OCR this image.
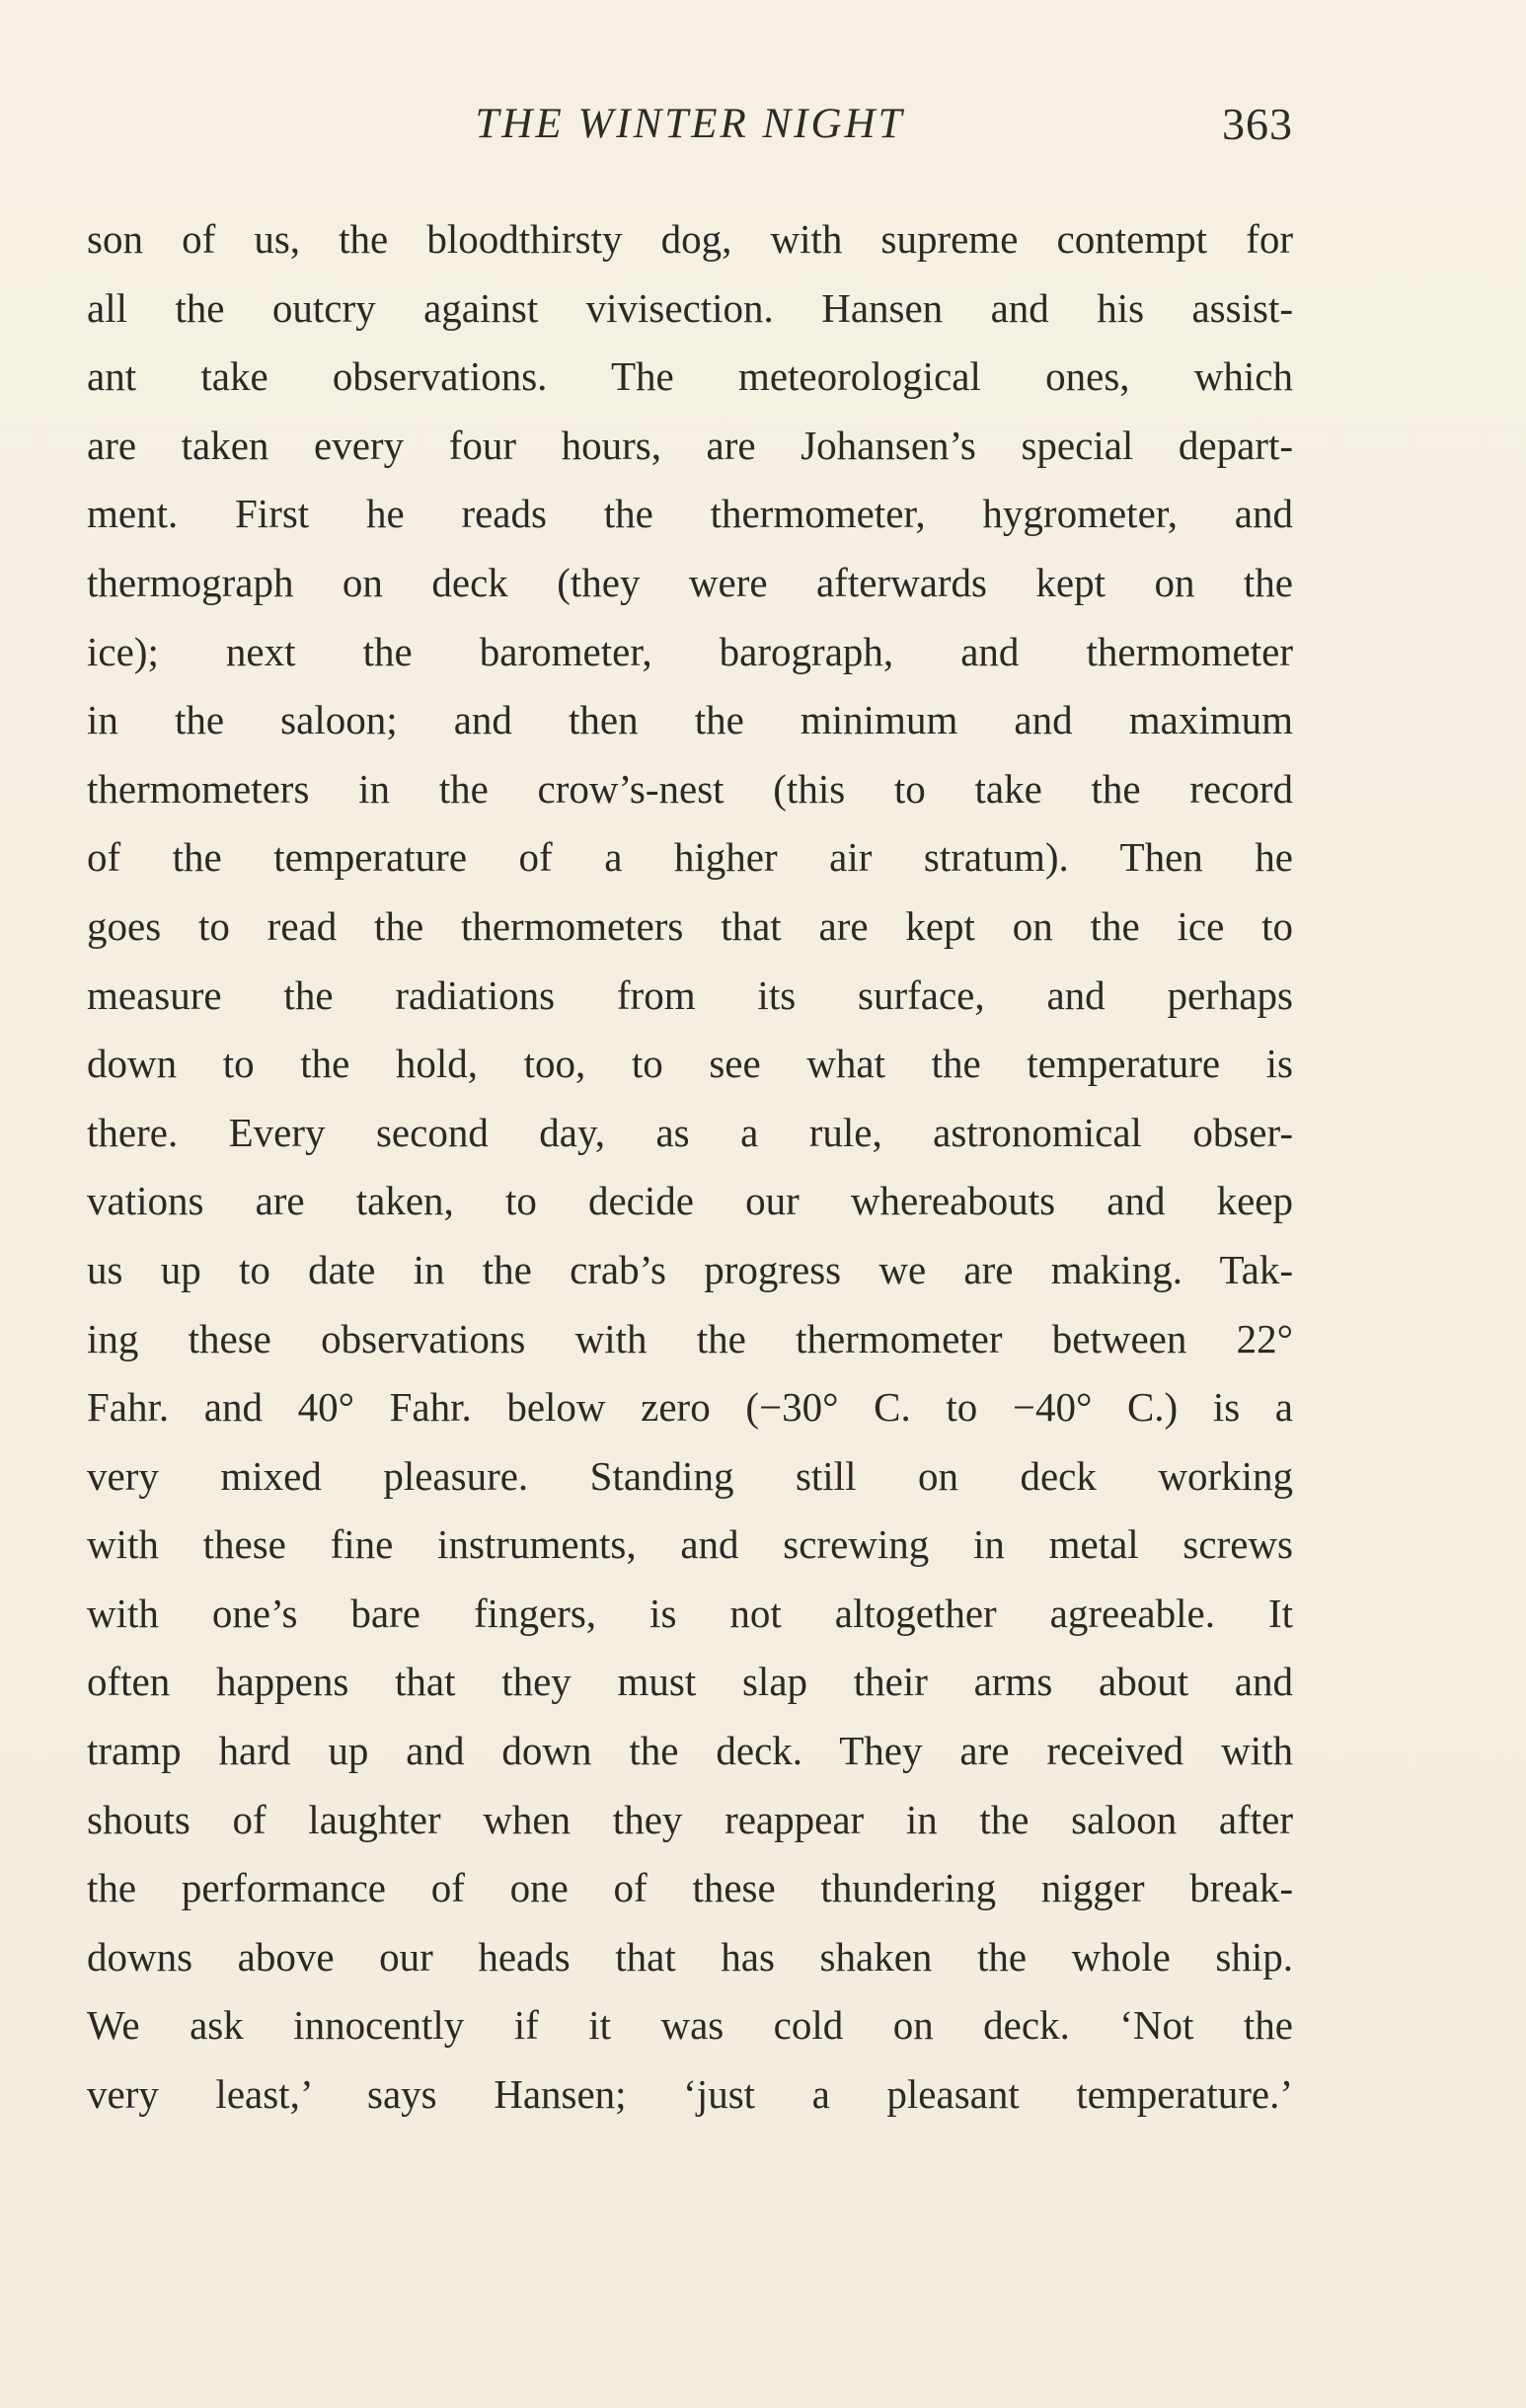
THE WINTER NIGHT	363
son of us, the bloodthirsty dog, with supreme contempt for
all the outcry against vivisection. Hansen and his assist-
ant take observations. The meteorological ones, which
are taken every four hours, are Johansen’s special depart-
ment. First he reads the thermometer, hygrometer, and
thermograph on deck (they were afterwards kept on the
ice); next the barometer, barograph, and thermometer
in the saloon; and then the minimum and maximum
thermometers in the crow’s-nest (this to take the record
of the temperature of a higher air stratum). Then he
goes to read the thermometers that are kept on the ice to
measure the radiations from its surface, and perhaps
down to the hold, too, to see what the temperature is
there. Every second day, as a rule, astronomical obser-
vations are taken, to decide our whereabouts and keep
us up to date in the crab’s progress we are making. Tak-
ing these observations with the thermometer between 22°
Fahr. and 40° Fahr. below zero (−30° C. to −40° C.) is a
very mixed pleasure. Standing still on deck working
with these fine instruments, and screwing in metal screws
with one’s bare fingers, is not altogether agreeable. It
often happens that they must slap their arms about and
tramp hard up and down the deck. They are received with
shouts of laughter when they reappear in the saloon after
the performance of one of these thundering nigger break-
downs above our heads that has shaken the whole ship.
We ask innocently if it was cold on deck. ‘Not the
very least,’ says Hansen; ‘just a pleasant temperature.’
